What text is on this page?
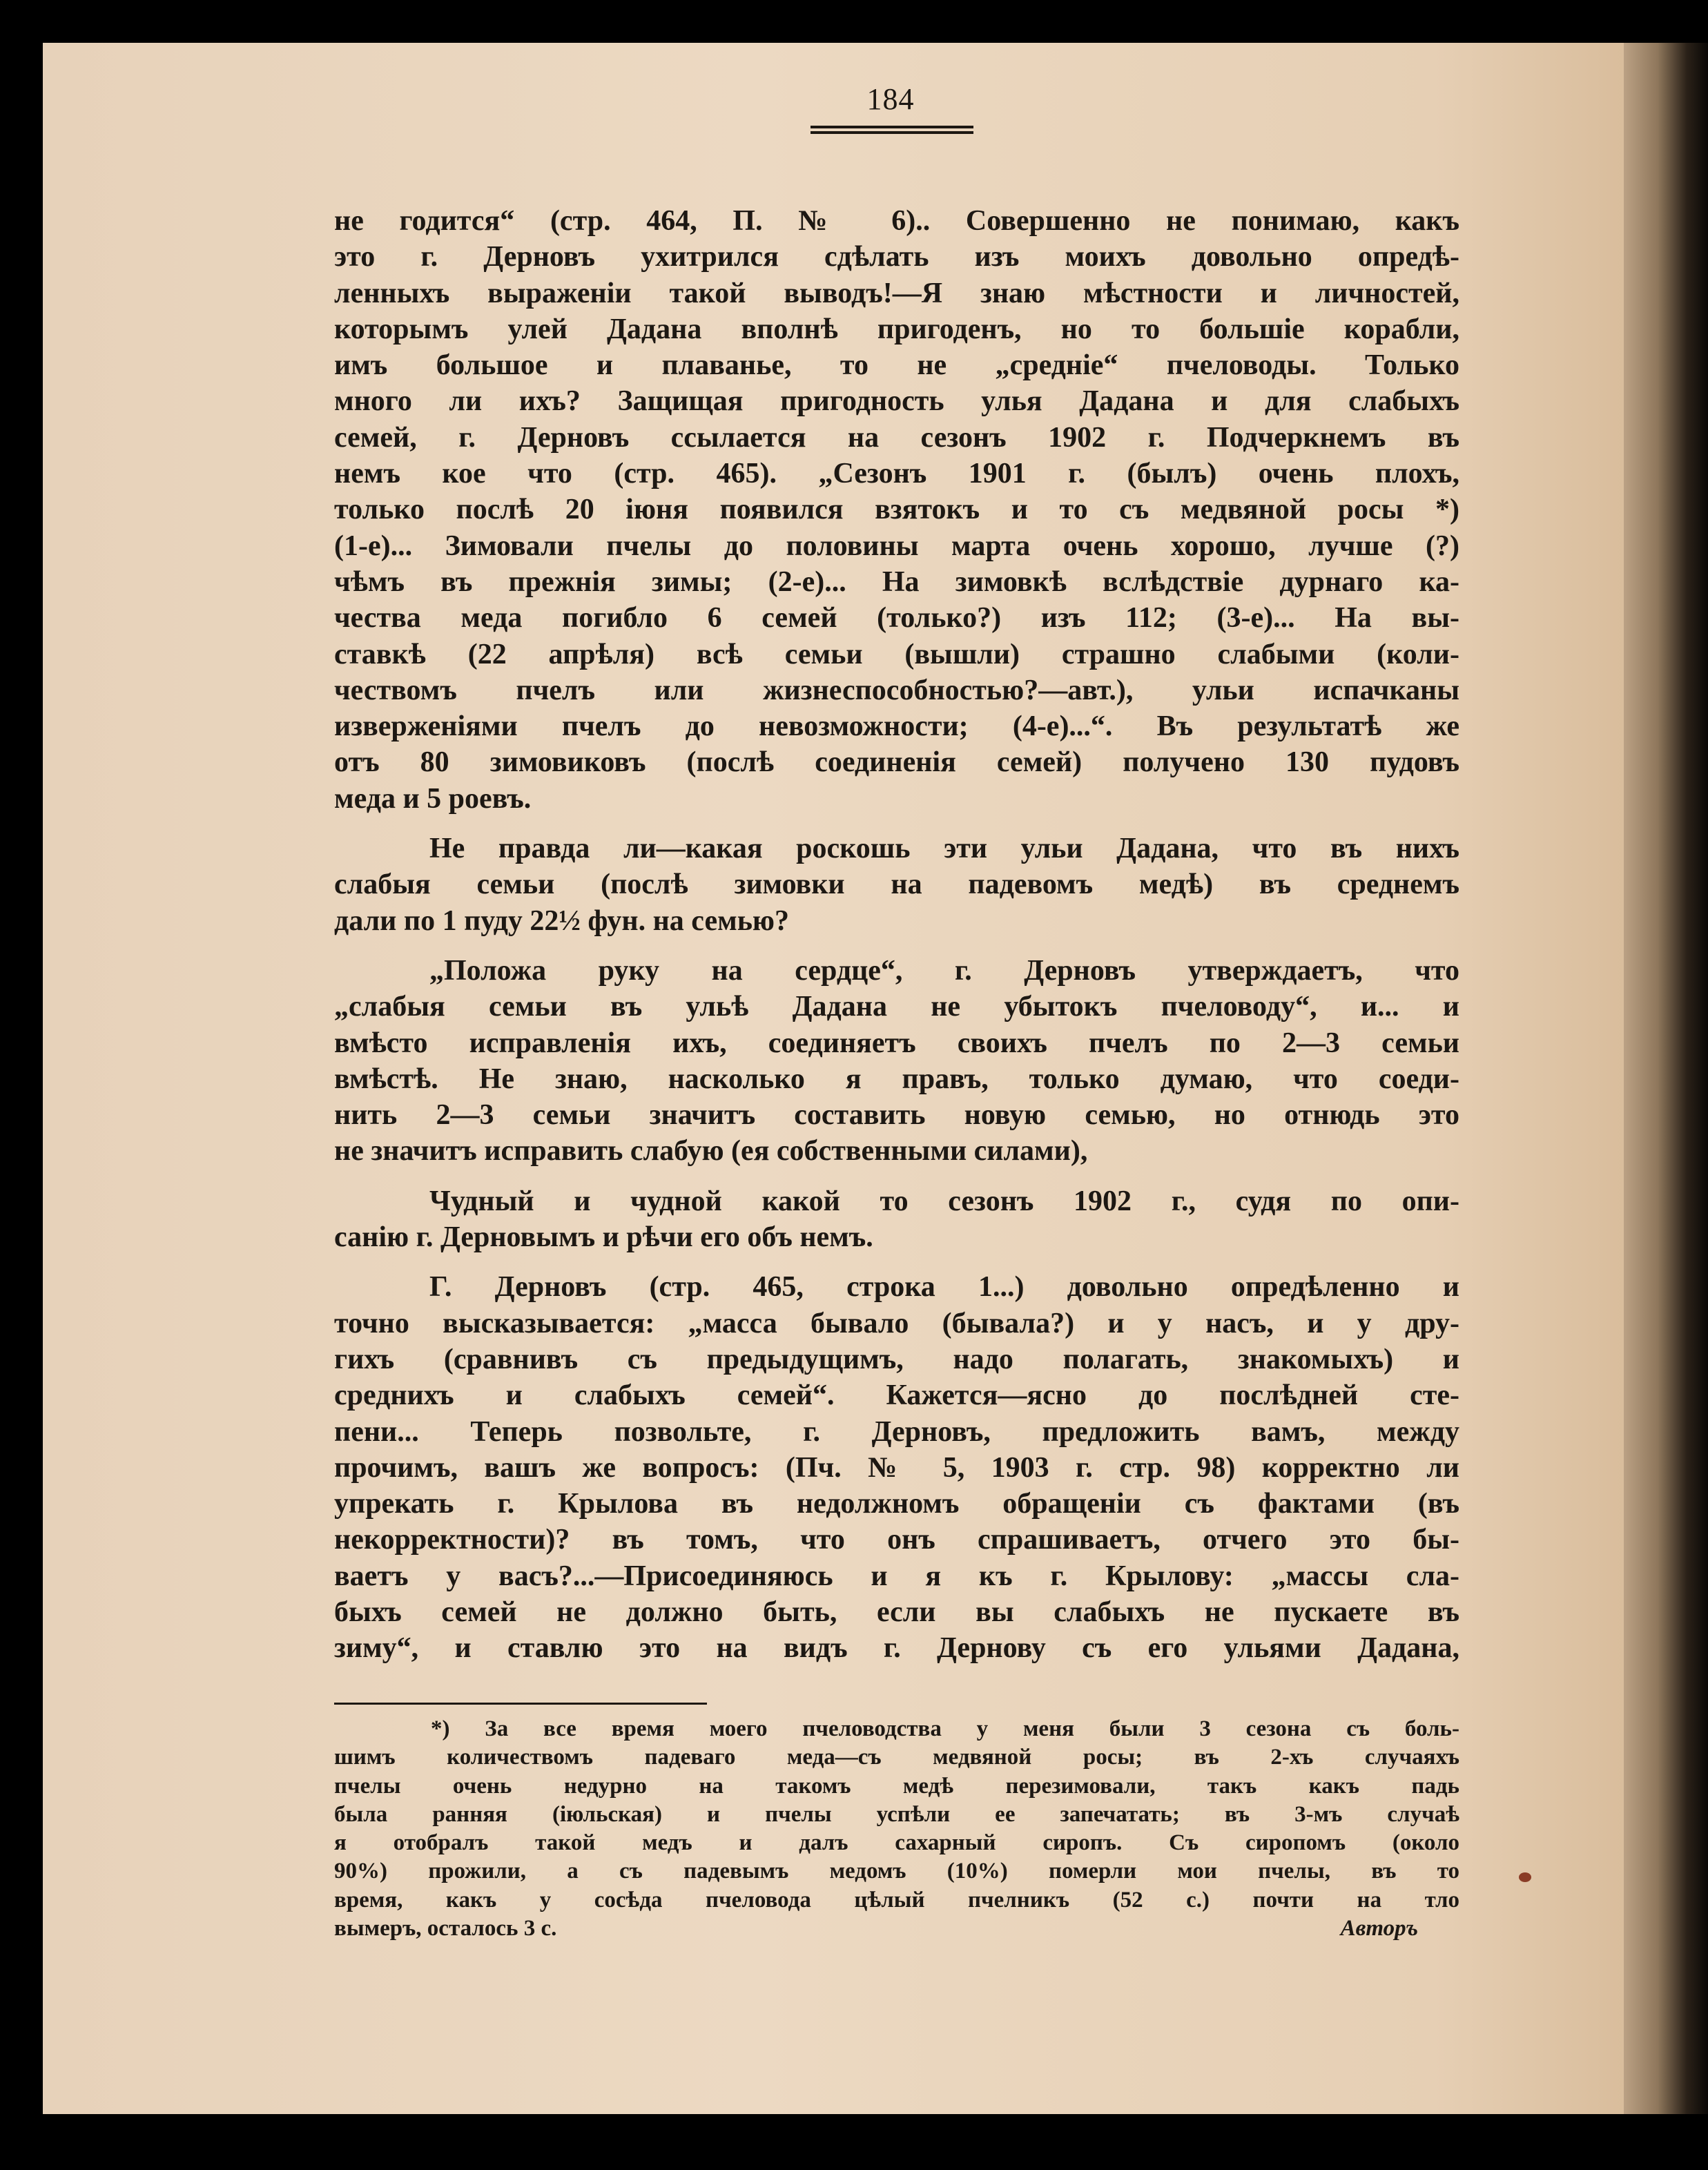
184
не годится“ (стр. 464, П. № 6).. Совершенно не понимаю, какъ
это г. Дерновъ ухитрился сдѣлать изъ моихъ довольно опредѣ-
ленныхъ выраженіи такой выводъ!—Я знаю мѣстности и личностей,
которымъ улей Дадана вполнѣ пригоденъ, но то большіе корабли,
имъ большое и плаванье, то не „средніе“ пчеловоды. Только
много ли ихъ? Защищая пригодность улья Дадана и для слабыхъ
семей, г. Дерновъ ссылается на сезонъ 1902 г. Подчеркнемъ въ
немъ кое что (стр. 465). „Сезонъ 1901 г. (былъ) очень плохъ,
только послѣ 20 іюня появился взятокъ и то съ медвяной росы *)
(1-е)... Зимовали пчелы до половины марта очень хорошо, лучше (?)
чѣмъ въ прежнія зимы; (2-е)... На зимовкѣ вслѣдствіе дурнаго ка-
чества меда погибло 6 семей (только?) изъ 112; (3-е)... На вы-
ставкѣ (22 апрѣля) всѣ семьи (вышли) страшно слабыми (коли-
чествомъ пчелъ или жизнеспособностью?—авт.), ульи испачканы
изверженіями пчелъ до невозможности; (4-е)...“. Въ результатѣ же
отъ 80 зимовиковъ (послѣ соединенія семей) получено 130 пудовъ
меда и 5 роевъ.
Не правда ли—какая роскошь эти ульи Дадана, что въ нихъ
слабыя семьи (послѣ зимовки на падевомъ медѣ) въ среднемъ
дали по 1 пуду 22½ фун. на семью?
„Положа руку на сердце“, г. Дерновъ утверждаетъ, что
„слабыя семьи въ ульѣ Дадана не убытокъ пчеловоду“, и... и
вмѣсто исправленія ихъ, соединяетъ своихъ пчелъ по 2—3 семьи
вмѣстѣ. Не знаю, насколько я правъ, только думаю, что соеди-
нить 2—3 семьи значитъ составить новую семью, но отнюдь это
не значитъ исправить слабую (ея собственными силами),
Чудный и чудной какой то сезонъ 1902 г., судя по опи-
санію г. Дерновымъ и рѣчи его объ немъ.
Г. Дерновъ (стр. 465, строка 1...) довольно опредѣленно и
точно высказывается: „масса бывало (бывала?) и у насъ, и у дру-
гихъ (сравнивъ съ предыдущимъ, надо полагать, знакомыхъ) и
среднихъ и слабыхъ семей“. Кажется—ясно до послѣдней сте-
пени... Теперь позвольте, г. Дерновъ, предложить вамъ, между
прочимъ, вашъ же вопросъ: (Пч. № 5, 1903 г. стр. 98) корректно ли
упрекать г. Крылова въ недолжномъ обращеніи съ фактами (въ
некорректности)? въ томъ, что онъ спрашиваетъ, отчего это бы-
ваетъ у васъ?...—Присоединяюсь и я къ г. Крылову: „массы сла-
быхъ семей не должно быть, если вы слабыхъ не пускаете въ
зиму“, и ставлю это на видъ г. Дернову съ его ульями Дадана,
*) За все время моего пчеловодства у меня были 3 сезона съ боль-
шимъ количествомъ падеваго меда—съ медвяной росы; въ 2-хъ случаяхъ
пчелы очень недурно на такомъ медѣ перезимовали, такъ какъ падь
была ранняя (іюльская) и пчелы успѣли ее запечатать; въ 3-мъ случаѣ
я отобралъ такой медъ и далъ сахарный сиропъ. Съ сиропомъ (около
90%) прожили, а съ падевымъ медомъ (10%) померли мои пчелы, въ то
время, какъ у сосѣда пчеловода цѣлый пчелникъ (52 с.) почти на тло
вымеръ, осталось 3 с.	Авторъ
